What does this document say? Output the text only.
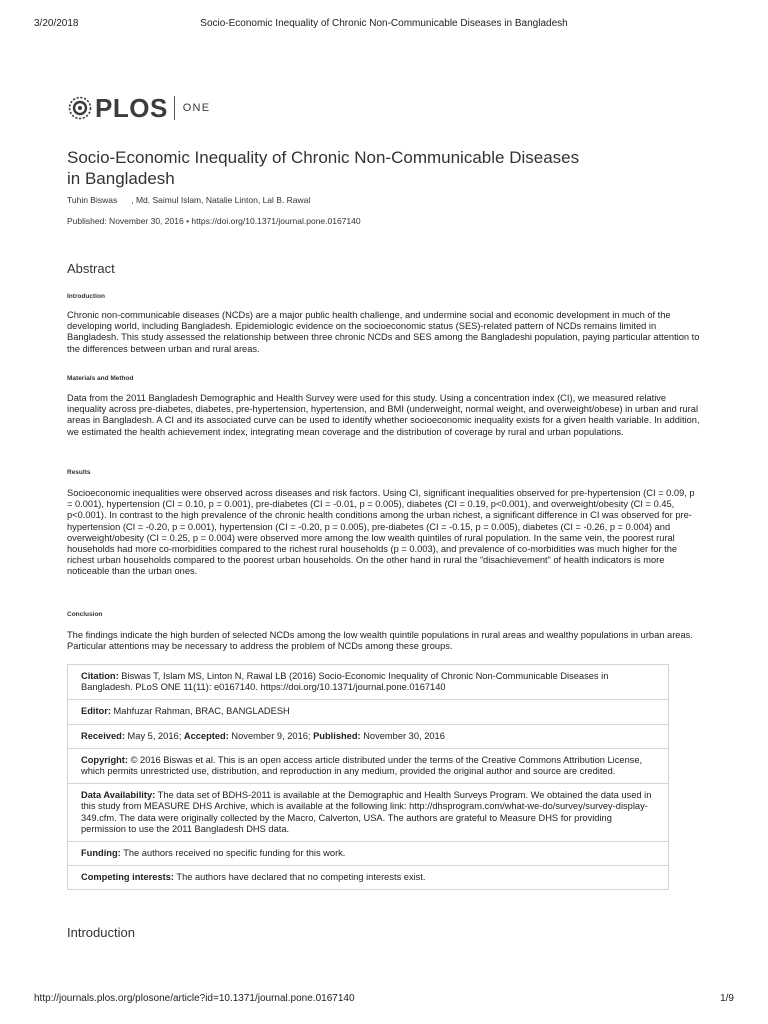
3/20/2018	Socio-Economic Inequality of Chronic Non-Communicable Diseases in Bangladesh
PLOS ONE
Socio-Economic Inequality of Chronic Non-Communicable Diseases in Bangladesh
Tuhin Biswas , Md. Saimul Islam, Natalie Linton, Lal B. Rawal
Published: November 30, 2016 • https://doi.org/10.1371/journal.pone.0167140
Abstract
Introduction

Chronic non-communicable diseases (NCDs) are a major public health challenge, and undermine social and economic development in much of the developing world, including Bangladesh. Epidemiologic evidence on the socioeconomic status (SES)-related pattern of NCDs remains limited in Bangladesh. This study assessed the relationship between three chronic NCDs and SES among the Bangladeshi population, paying particular attention to the differences between urban and rural areas.

Materials and Method

Data from the 2011 Bangladesh Demographic and Health Survey were used for this study. Using a concentration index (CI), we measured relative inequality across pre-diabetes, diabetes, pre-hypertension, hypertension, and BMI (underweight, normal weight, and overweight/obese) in urban and rural areas in Bangladesh. A CI and its associated curve can be used to identify whether socioeconomic inequality exists for a given health variable. In addition, we estimated the health achievement index, integrating mean coverage and the distribution of coverage by rural and urban populations.

Results

Socioeconomic inequalities were observed across diseases and risk factors. Using CI, significant inequalities observed for pre-hypertension (CI = 0.09, p = 0.001), hypertension (CI = 0.10, p = 0.001), pre-diabetes (CI = -0.01, p = 0.005), diabetes (CI = 0.19, p<0.001), and overweight/obesity (CI = 0.45, p<0.001). In contrast to the high prevalence of the chronic health conditions among the urban richest, a significant difference in CI was observed for pre-hypertension (CI = -0.20, p = 0.001), hypertension (CI = -0.20, p = 0.005), pre-diabetes (CI = -0.15, p = 0.005), diabetes (CI = -0.26, p = 0.004) and overweight/obesity (CI = 0.25, p = 0.004) were observed more among the low wealth quintiles of rural population. In the same vein, the poorest rural households had more co-morbidities compared to the richest rural households (p = 0.003), and prevalence of co-morbidities was much higher for the richest urban households compared to the poorest urban households. On the other hand in rural the “disachievement” of health indicators is more noticeable than the urban ones.

Conclusion

The findings indicate the high burden of selected NCDs among the low wealth quintile populations in rural areas and wealthy populations in urban areas. Particular attentions may be necessary to address the problem of NCDs among these groups.

Citation: Biswas T, Islam MS, Linton N, Rawal LB (2016) Socio-Economic Inequality of Chronic Non-Communicable Diseases in Bangladesh. PLoS ONE 11(11): e0167140. https://doi.org/10.1371/journal.pone.0167140
Editor: Mahfuzar Rahman, BRAC, BANGLADESH
Received: May 5, 2016; Accepted: November 9, 2016; Published: November 30, 2016
Copyright: © 2016 Biswas et al. This is an open access article distributed under the terms of the Creative Commons Attribution License, which permits unrestricted use, distribution, and reproduction in any medium, provided the original author and source are credited.
Data Availability: The data set of BDHS-2011 is available at the Demographic and Health Surveys Program. We obtained the data used in this study from MEASURE DHS Archive, which is available at the following link: http://dhsprogram.com/what-we-do/survey/survey-display-349.cfm. The data were originally collected by the Macro, Calverton, USA. The authors are grateful to Measure DHS for providing permission to use the 2011 Bangladesh DHS data.
Funding: The authors received no specific funding for this work.
Competing interests: The authors have declared that no competing interests exist.
Introduction
http://journals.plos.org/plosone/article?id=10.1371/journal.pone.0167140	1/9
